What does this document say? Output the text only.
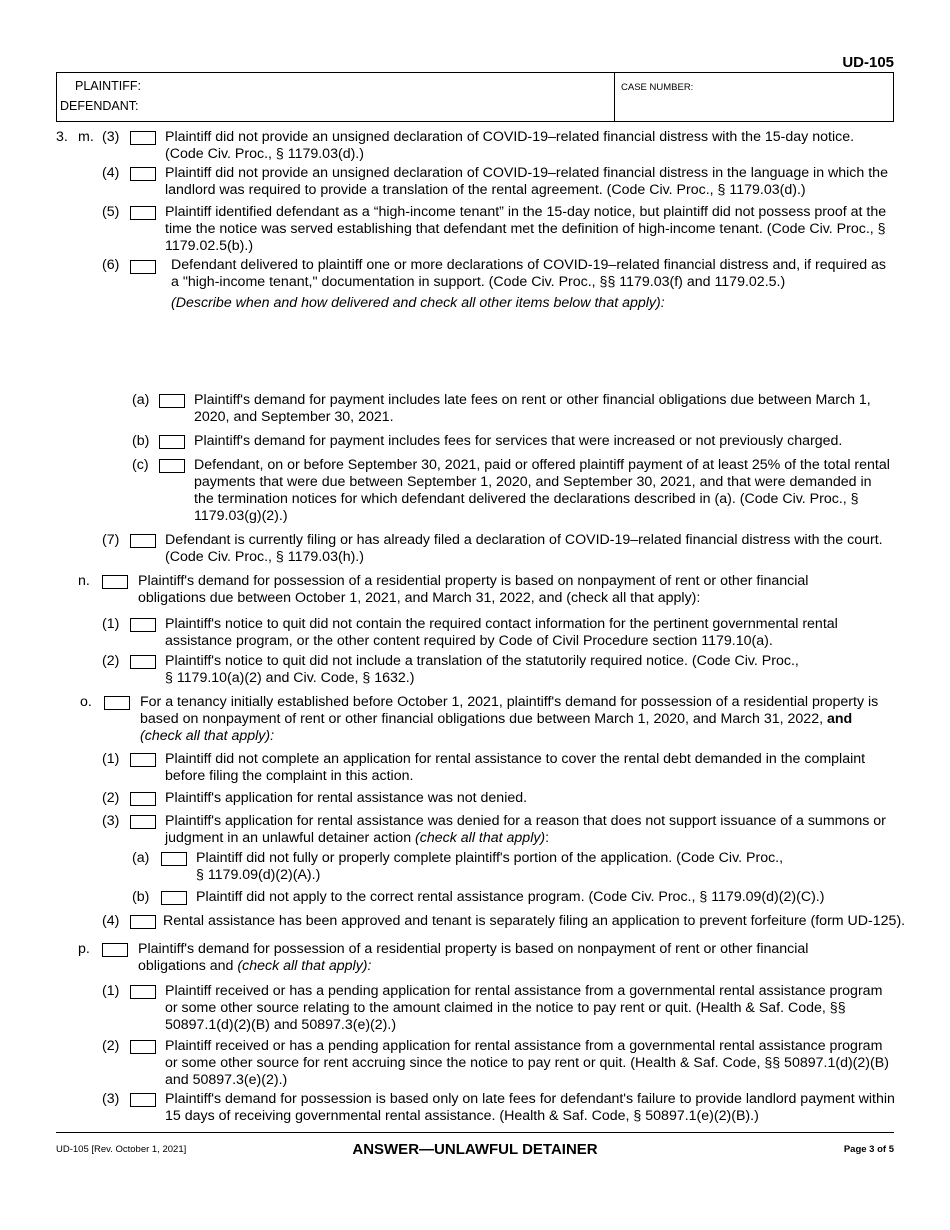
UD-105
PLAINTIFF:
DEFENDANT:
CASE NUMBER:
3. m. (3)	Plaintiff did not provide an unsigned declaration of COVID-19–related financial distress with the 15-day notice. (Code Civ. Proc., § 1179.03(d).)
(4)	Plaintiff did not provide an unsigned declaration of COVID-19–related financial distress in the language in which the landlord was required to provide a translation of the rental agreement. (Code Civ. Proc., § 1179.03(d).)
(5)	Plaintiff identified defendant as a “high-income tenant” in the 15-day notice, but plaintiff did not possess proof at the time the notice was served establishing that defendant met the definition of high-income tenant. (Code Civ. Proc., § 1179.02.5(b).)
(6)	Defendant delivered to plaintiff one or more declarations of COVID-19–related financial distress and, if required as a "high-income tenant," documentation in support. (Code Civ. Proc., §§ 1179.03(f) and 1179.02.5.)
(Describe when and how delivered and check all other items below that apply):
(a)	Plaintiff's demand for payment includes late fees on rent or other financial obligations due between March 1, 2020, and September 30, 2021.
(b)	Plaintiff's demand for payment includes fees for services that were increased or not previously charged.
(c)	Defendant, on or before September 30, 2021, paid or offered plaintiff payment of at least 25% of the total rental payments that were due between September 1, 2020, and September 30, 2021, and that were demanded in the termination notices for which defendant delivered the declarations described in (a). (Code Civ. Proc., § 1179.03(g)(2).)
(7)	Defendant is currently filing or has already filed a declaration of COVID-19–related financial distress with the court. (Code Civ. Proc., § 1179.03(h).)
n.	Plaintiff's demand for possession of a residential property is based on nonpayment of rent or other financial obligations due between October 1, 2021, and March 31, 2022, and (check all that apply):
(1)	Plaintiff's notice to quit did not contain the required contact information for the pertinent governmental rental assistance program, or the other content required by Code of Civil Procedure section 1179.10(a).
(2)	Plaintiff's notice to quit did not include a translation of the statutorily required notice. (Code Civ. Proc., § 1179.10(a)(2) and Civ. Code, § 1632.)
o.	For a tenancy initially established before October 1, 2021, plaintiff's demand for possession of a residential property is based on nonpayment of rent or other financial obligations due between March 1, 2020, and March 31, 2022, and (check all that apply):
(1)	Plaintiff did not complete an application for rental assistance to cover the rental debt demanded in the complaint before filing the complaint in this action.
(2)	Plaintiff's application for rental assistance was not denied.
(3)	Plaintiff's application for rental assistance was denied for a reason that does not support issuance of a summons or judgment in an unlawful detainer action (check all that apply):
(a)	Plaintiff did not fully or properly complete plaintiff's portion of the application. (Code Civ. Proc., § 1179.09(d)(2)(A).)
(b)	Plaintiff did not apply to the correct rental assistance program. (Code Civ. Proc., § 1179.09(d)(2)(C).)
(4)	Rental assistance has been approved and tenant is separately filing an application to prevent forfeiture (form UD-125).
p.	Plaintiff's demand for possession of a residential property is based on nonpayment of rent or other financial obligations and (check all that apply):
(1)	Plaintiff received or has a pending application for rental assistance from a governmental rental assistance program or some other source relating to the amount claimed in the notice to pay rent or quit. (Health & Saf. Code, §§ 50897.1(d)(2)(B) and 50897.3(e)(2).)
(2)	Plaintiff received or has a pending application for rental assistance from a governmental rental assistance program or some other source for rent accruing since the notice to pay rent or quit. (Health & Saf. Code, §§ 50897.1(d)(2)(B) and 50897.3(e)(2).)
(3)	Plaintiff's demand for possession is based only on late fees for defendant's failure to provide landlord payment within 15 days of receiving governmental rental assistance. (Health & Saf. Code, § 50897.1(e)(2)(B).)
UD-105 [Rev. October 1, 2021]	ANSWER—UNLAWFUL DETAINER	Page 3 of 5
